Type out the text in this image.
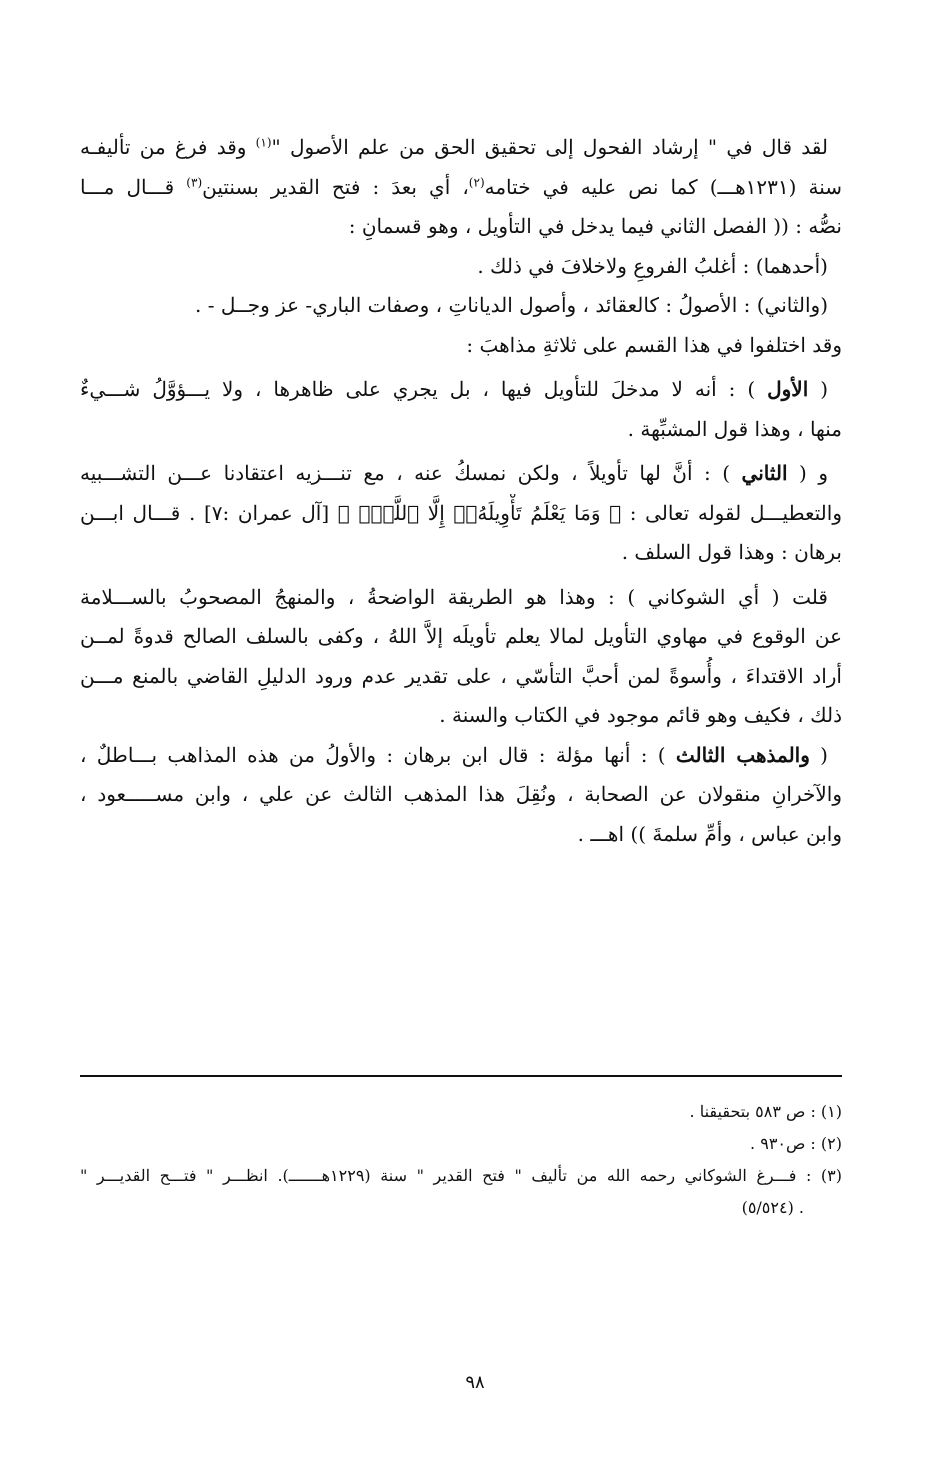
لقد قال في " إرشاد الفحول إلى تحقيق الحق من علم الأصول "$^{(١)}$ وقد فرغ من تأليفـه
سنة (١٢٣١هـــ) كما نص عليه في ختامه$^{(٢)}$، أي بعدَ : فتح القدير بسنتين$^{(٣)}$ قـــال مـــا
نصُّه : (( الفصل الثاني فيما يدخل في التأويل ، وهو قسمانِ :
(أحدهما) : أغلبُ الفروعِ ولاخلافَ في ذلك .
(والثاني) : الأصولُ : كالعقائد ، وأصول الدياناتِ ، وصفات الباري- عز وجــل - .
وقد اختلفوا في هذا القسم على ثلاثةِ مذاهبَ :
( الأول ) : أنه لا مدخلَ للتأويل فيها ، بل يجري على ظاهرها ، ولا يـــؤوَّلُ شـــيءٌ
منها ، وهذا قول المشبِّهة .
و ( الثاني ) : أنَّ لها تأويلاً ، ولكن نمسكُ عنه ، مع تنـــزيه اعتقادنا عـــن التشـــبيه
والتعطيـــل لقوله تعالى : ﴿ وَمَا يَعْلَمُ تَأْوِيلَهُۥٓ إِلَّا ٱللَّهُۗ ﴾ [آل عمران :٧] . قـــال ابـــن
برهان : وهذا قول السلف .
قلت ( أي الشوكاني ) : وهذا هو الطريقة الواضحةُ ، والمنهجُ المصحوبُ بالســـلامة
عن الوقوع في مهاوي التأويل لمالا يعلم تأويلَه إلاَّ اللهُ ، وكفى بالسلف الصالح قدوةً لمــن
أراد الاقتداءَ ، وأُسوةً لمن أحبَّ التأسّي ، على تقدير عدم ورود الدليلِ القاضي بالمنع مـــن
ذلك ، فكيف وهو قائم موجود في الكتاب والسنة .
( والمذهب الثالث ) : أنها مؤلة : قال ابن برهان : والأولُ من هذه المذاهب بـــاطلٌ ،
والآخرانِ منقولان عن الصحابة ، ونُقِلَ هذا المذهب الثالث عن علي ، وابن مســـــعود ،
وابن عباس ، وأمِّ سلمةَ )) اهـــ .
(١) : ص ٥٨٣ بتحقيقنا .
(٢) : ص٩٣٠ .
(٣) : فـــرغ الشوكاني رحمه الله من تأليف " فتح القدير " سنة (١٢٢٩هـــــــ). انظـــر " فتـــح القديـــر "
. (٥/٥٢٤)
٩٨
